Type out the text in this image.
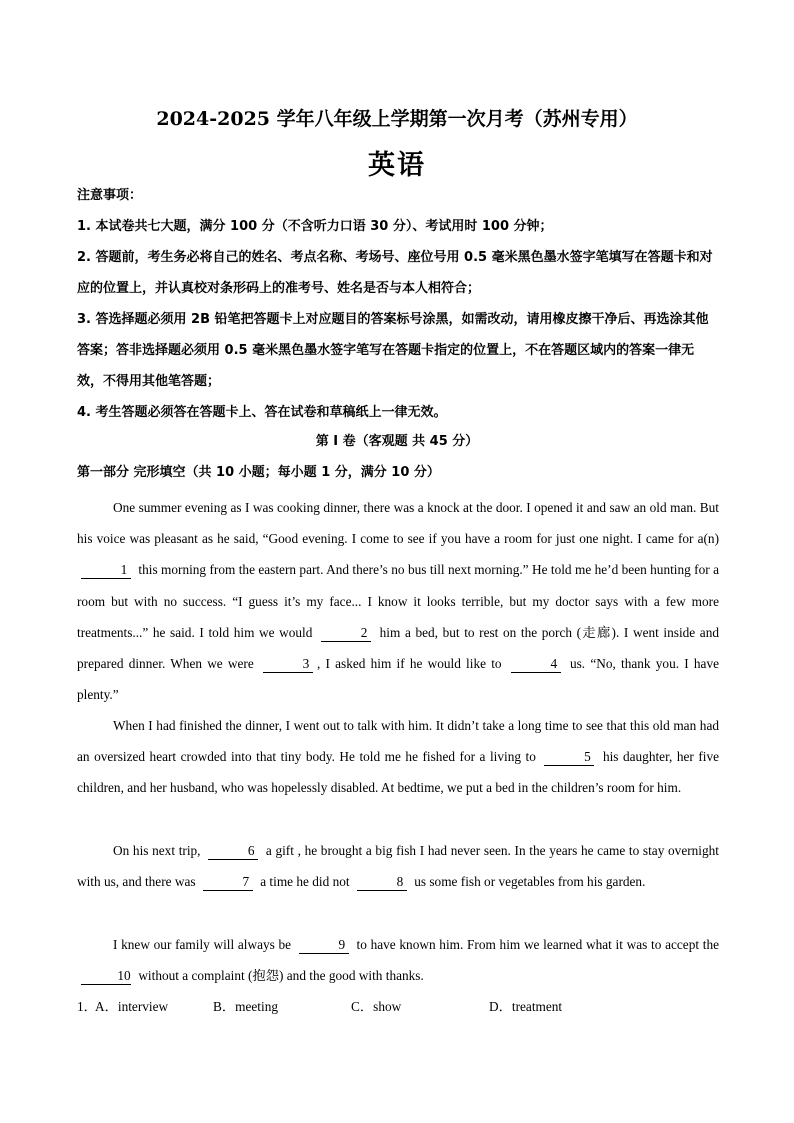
2024-2025 学年八年级上学期第一次月考（苏州专用）
英语
注意事项：
1. 本试卷共七大题，满分 100 分（不含听力口语 30 分）、考试用时 100 分钟；
2. 答题前，考生务必将自己的姓名、考点名称、考场号、座位号用 0.5 毫米黑色墨水签字笔填写在答题卡和对应的位置上，并认真校对条形码上的准考号、姓名是否与本人相符合；
3. 答选择题必须用 2B 铅笔把答题卡上对应题目的答案标号涂黑，如需改动，请用橡皮擦干净后、再选涂其他答案；答非选择题必须用 0.5 毫米黑色墨水签字笔写在答题卡指定的位置上，不在答题区域内的答案一律无效，不得用其他笔答题；
4. 考生答题必须答在答题卡上、答在试卷和草稿纸上一律无效。
第 I 卷（客观题 共 45 分）
第一部分 完形填空（共 10 小题；每小题 1 分，满分 10 分）

One summer evening as I was cooking dinner, there was a knock at the door. I opened it and saw an old man. But his voice was pleasant as he said, “Good evening. I come to see if you have a room for just one night. I came for a(n) 1 this morning from the eastern part. And there’s no bus till next morning.” He told me he’d been hunting for a room but with no success. “I guess it’s my face... I know it looks terrible, but my doctor says with a few more treatments...” he said. I told him we would	2 him a bed, but to rest on the porch (走廊). I went inside and prepared dinner. When we were	3 , I asked him if he would like to	4 us. “No, thank you. I have plenty.”

When I had finished the dinner, I went out to talk with him. It didn’t take a long time to see that this old man had an oversized heart crowded into that tiny body. He told me he fished for a living to	5 his daughter, her five children, and her husband, who was hopelessly disabled. At bedtime, we put a bed in the children’s room for him.

On his next trip,	6 a gift , he brought a big fish I had never seen. In the years he came to stay overnight with us, and there was	7 a time he did not	8 us some fish or vegetables from his garden.

I knew our family will always be	9 to have known him. From him we learned what it was to accept the 10 without a complaint (抱怨) and the good with thanks.

1．
A．interview	B．meeting	C．show	D．treatment
